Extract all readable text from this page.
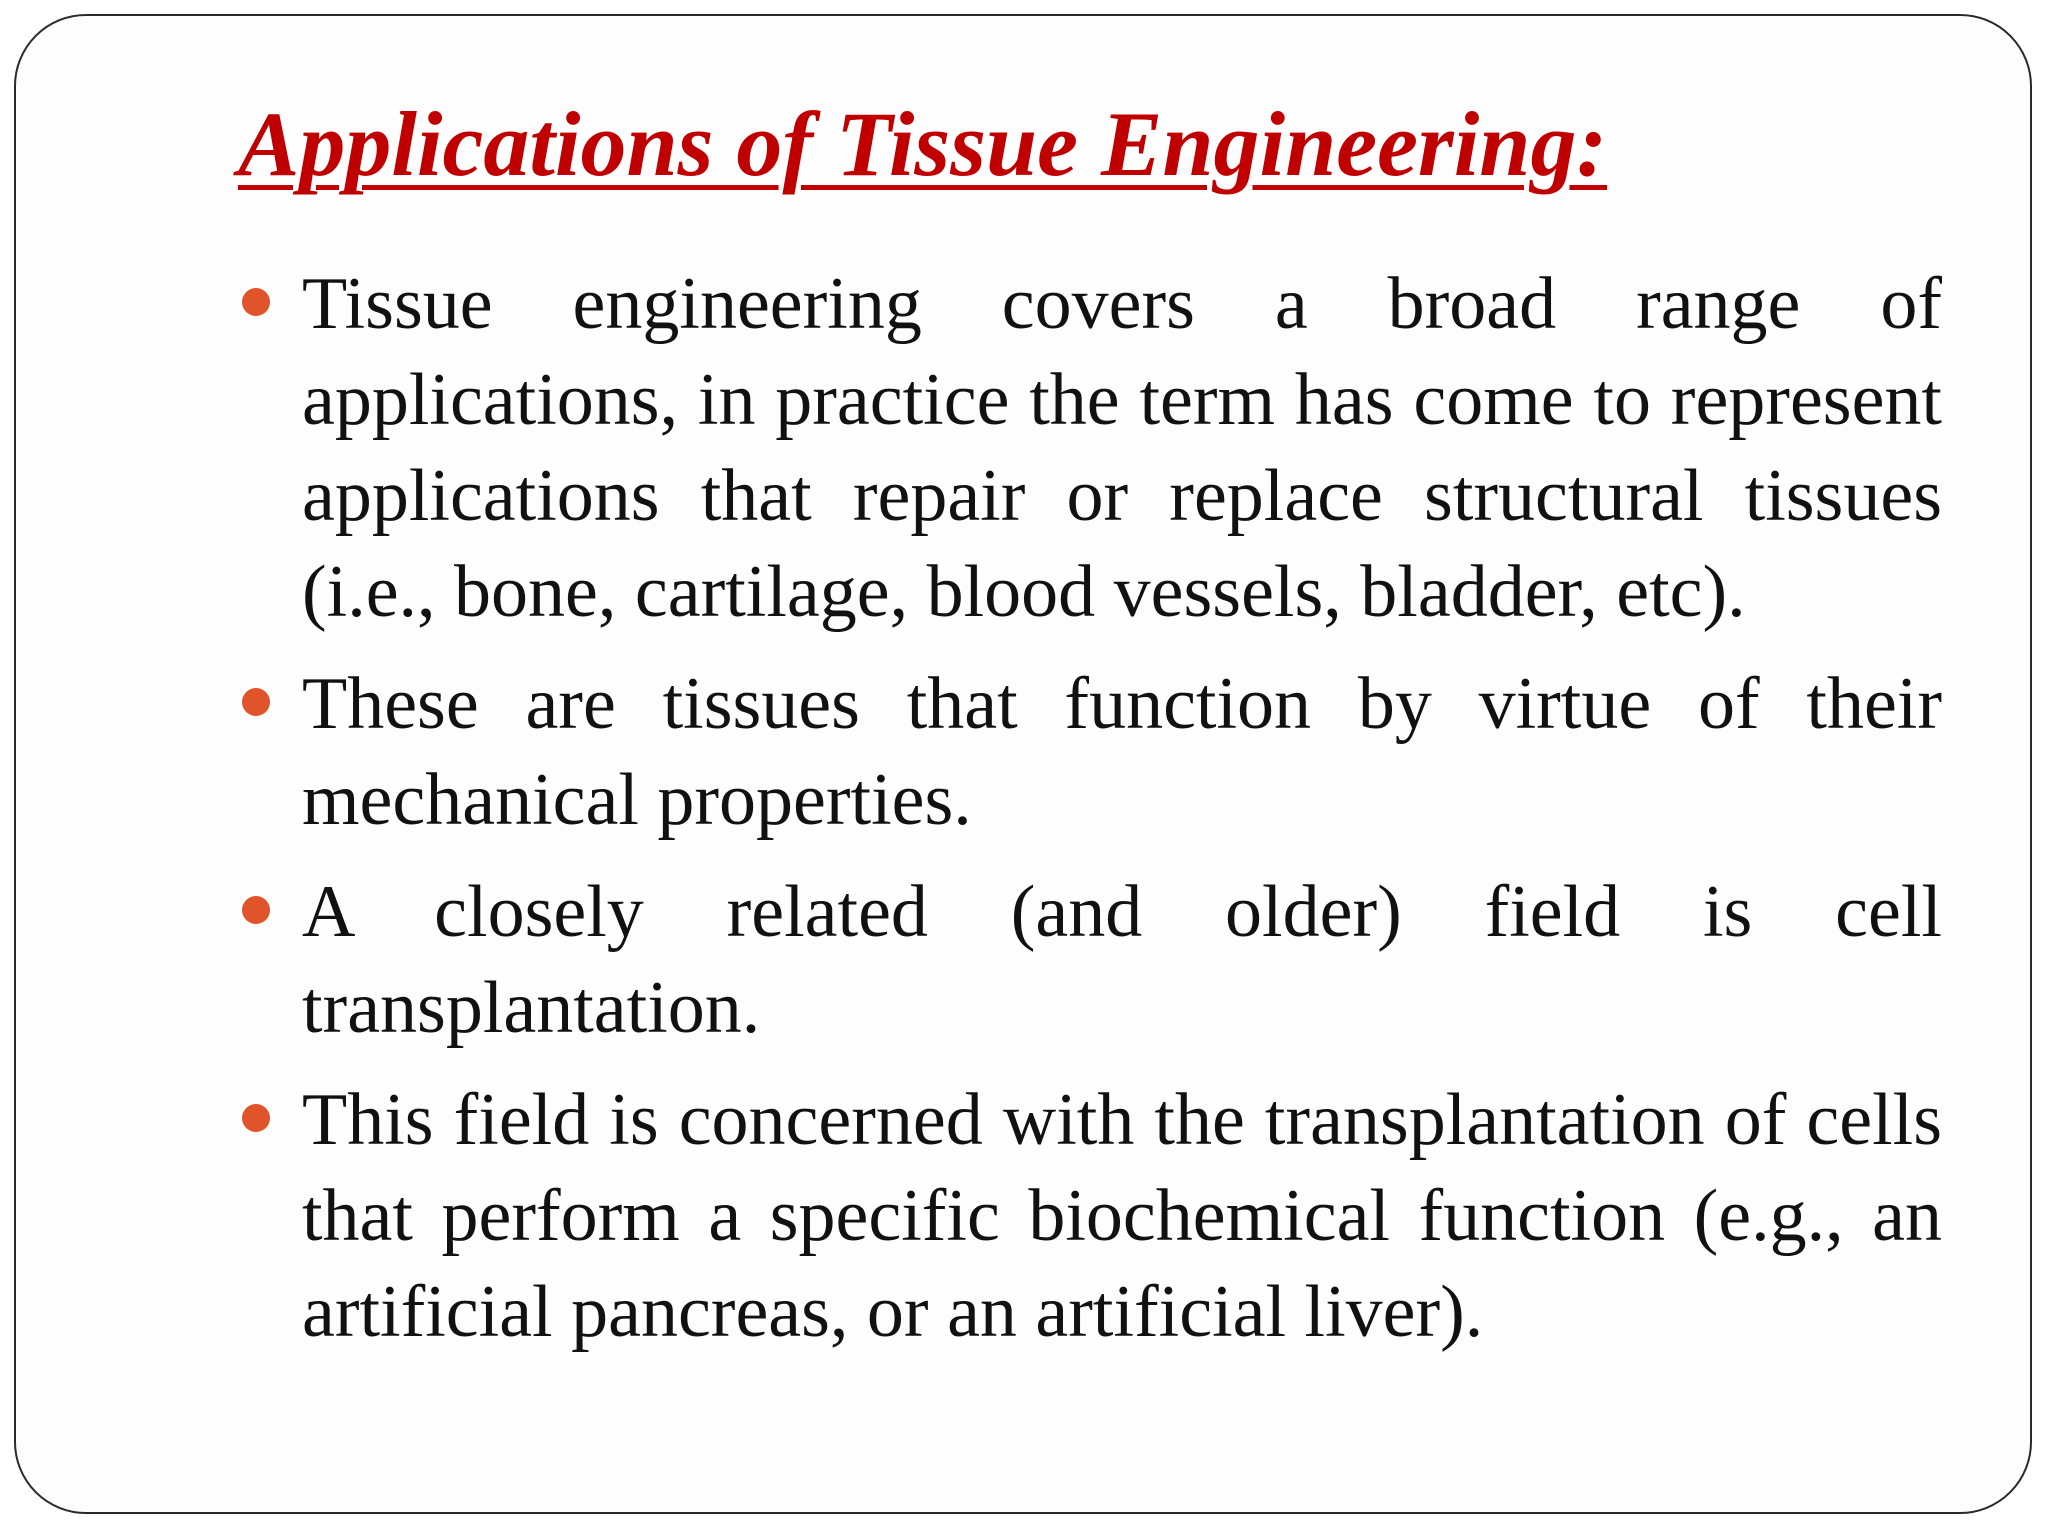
Applications of Tissue Engineering:
Tissue engineering covers a broad range of applications, in practice the term has come to represent applications that repair or replace structural tissues (i.e., bone, cartilage, blood vessels, bladder, etc).
These are tissues that function by virtue of their mechanical properties.
A closely related (and older) field is cell transplantation.
This field is concerned with the transplantation of cells that perform a specific biochemical function (e.g., an artificial pancreas, or an artificial liver).
